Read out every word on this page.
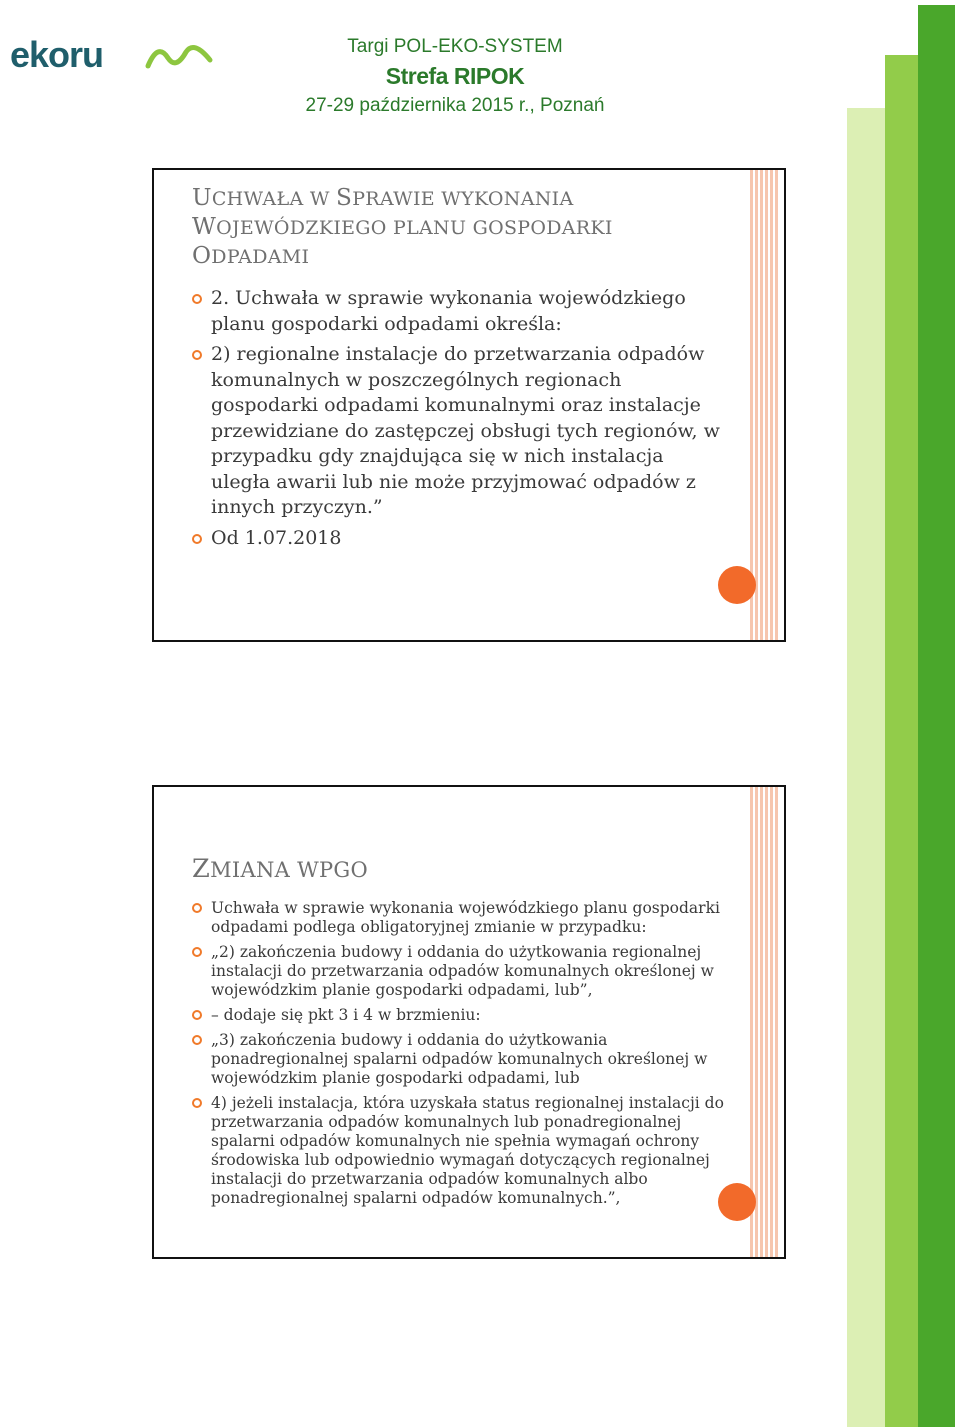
ekoru	Targi POL-EKO-SYSTEM
Strefa RIPOK
27-29 października 2015 r., Poznań
UCHWAŁA W SPRAWIE WYKONANIA
WOJEWÓDZKIEGO PLANU GOSPODARKI
ODPADAMI
2. Uchwała w sprawie wykonania wojewódzkiego planu gospodarki odpadami określa:
2) regionalne instalacje do przetwarzania odpadów komunalnych w poszczególnych regionach gospodarki odpadami komunalnymi oraz instalacje przewidziane do zastępczej obsługi tych regionów, w przypadku gdy znajdująca się w nich instalacja uległa awarii lub nie może przyjmować odpadów z innych przyczyn.”
Od 1.07.2018
ZMIANA WPGO
Uchwała w sprawie wykonania wojewódzkiego planu gospodarki odpadami podlega obligatoryjnej zmianie w przypadku:
„2) zakończenia budowy i oddania do użytkowania regionalnej instalacji do przetwarzania odpadów komunalnych określonej w wojewódzkim planie gospodarki odpadami, lub”,
– dodaje się pkt 3 i 4 w brzmieniu:
„3) zakończenia budowy i oddania do użytkowania ponadregionalnej spalarni odpadów komunalnych określonej w wojewódzkim planie gospodarki odpadami, lub
4) jeżeli instalacja, która uzyskała status regionalnej instalacji do przetwarzania odpadów komunalnych lub ponadregionalnej spalarni odpadów komunalnych nie spełnia wymagań ochrony środowiska lub odpowiednio wymagań dotyczących regionalnej instalacji do przetwarzania odpadów komunalnych albo ponadregionalnej spalarni odpadów komunalnych.”,
